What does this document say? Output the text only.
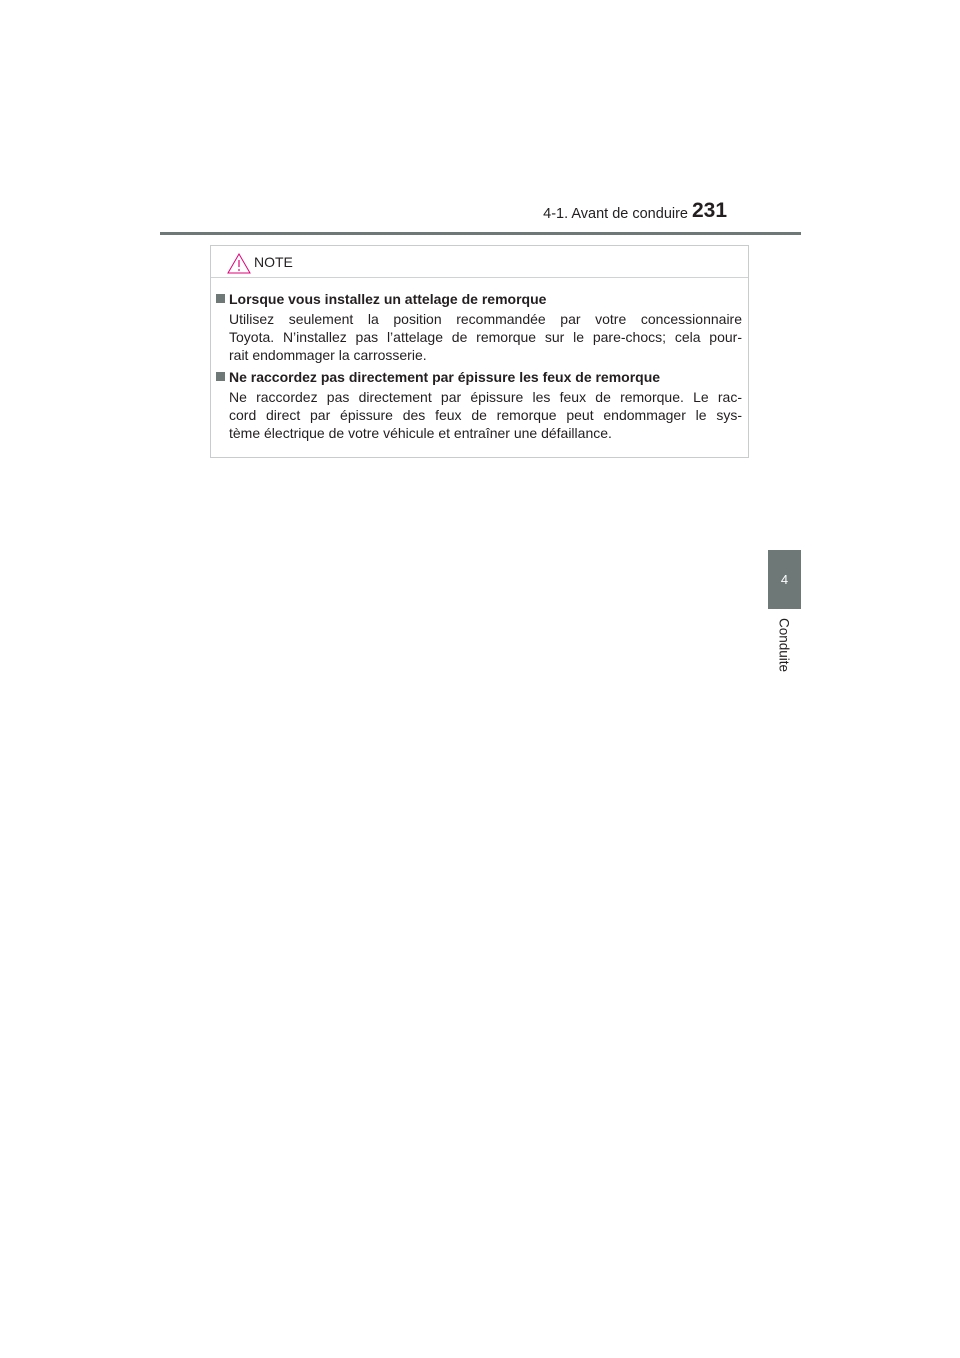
4-1. Avant de conduire 231
4
Conduite
NOTE
Lorsque vous installez un attelage de remorque
Utilisez seulement la position recommandée par votre concessionnaire
Toyota. N’installez pas l’attelage de remorque sur le pare-chocs; cela pour-
rait endommager la carrosserie.
Ne raccordez pas directement par épissure les feux de remorque
Ne raccordez pas directement par épissure les feux de remorque. Le rac-
cord direct par épissure des feux de remorque peut endommager le sys-
tème électrique de votre véhicule et entraîner une défaillance.
